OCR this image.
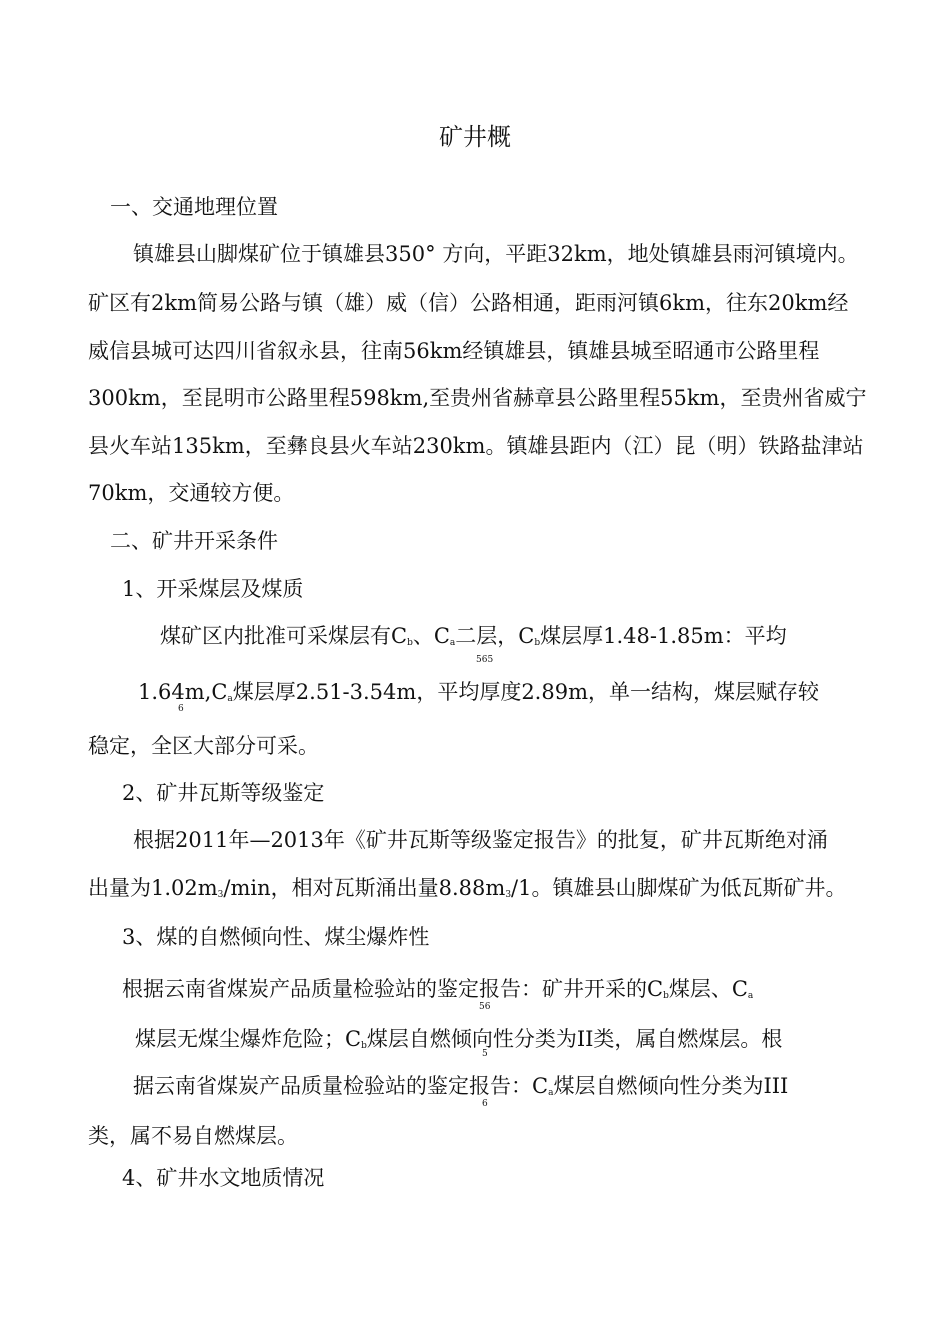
矿井概
一、交通地理位置
镇雄县山脚煤矿位于镇雄县350° 方向，平距32km，地处镇雄县雨河镇境内。
矿区有2km简易公路与镇（雄）威（信）公路相通，距雨河镇6km，往东20km经
威信县城可达四川省叙永县，往南56km经镇雄县，镇雄县城至昭通市公路里程
300km，至昆明市公路里程598km,至贵州省赫章县公路里程55km，至贵州省威宁
县火车站135km，至彝良县火车站230km。镇雄县距内（江）昆（明）铁路盐津站
70km，交通较方便。
二、矿井开采条件
1、开采煤层及煤质
煤矿区内批准可采煤层有Cb、Ca二层，Cb煤层厚1.48-1.85m：平均
565
1.64m,Ca煤层厚2.51-3.54m，平均厚度2.89m，单一结构，煤层赋存较
6
稳定，全区大部分可采。
2、矿井瓦斯等级鉴定
根据2011年—2013年《矿井瓦斯等级鉴定报告》的批复，矿井瓦斯绝对涌
出量为1.02m3/min，相对瓦斯涌出量8.88m3/1。镇雄县山脚煤矿为低瓦斯矿井。
3、煤的自燃倾向性、煤尘爆炸性
根据云南省煤炭产品质量检验站的鉴定报告：矿井开采的Cb煤层、Ca
56
煤层无煤尘爆炸危险；Cb煤层自燃倾向性分类为II类，属自燃煤层。根
5
据云南省煤炭产品质量检验站的鉴定报告：Ca煤层自燃倾向性分类为III
6
类，属不易自燃煤层。
4、矿井水文地质情况
